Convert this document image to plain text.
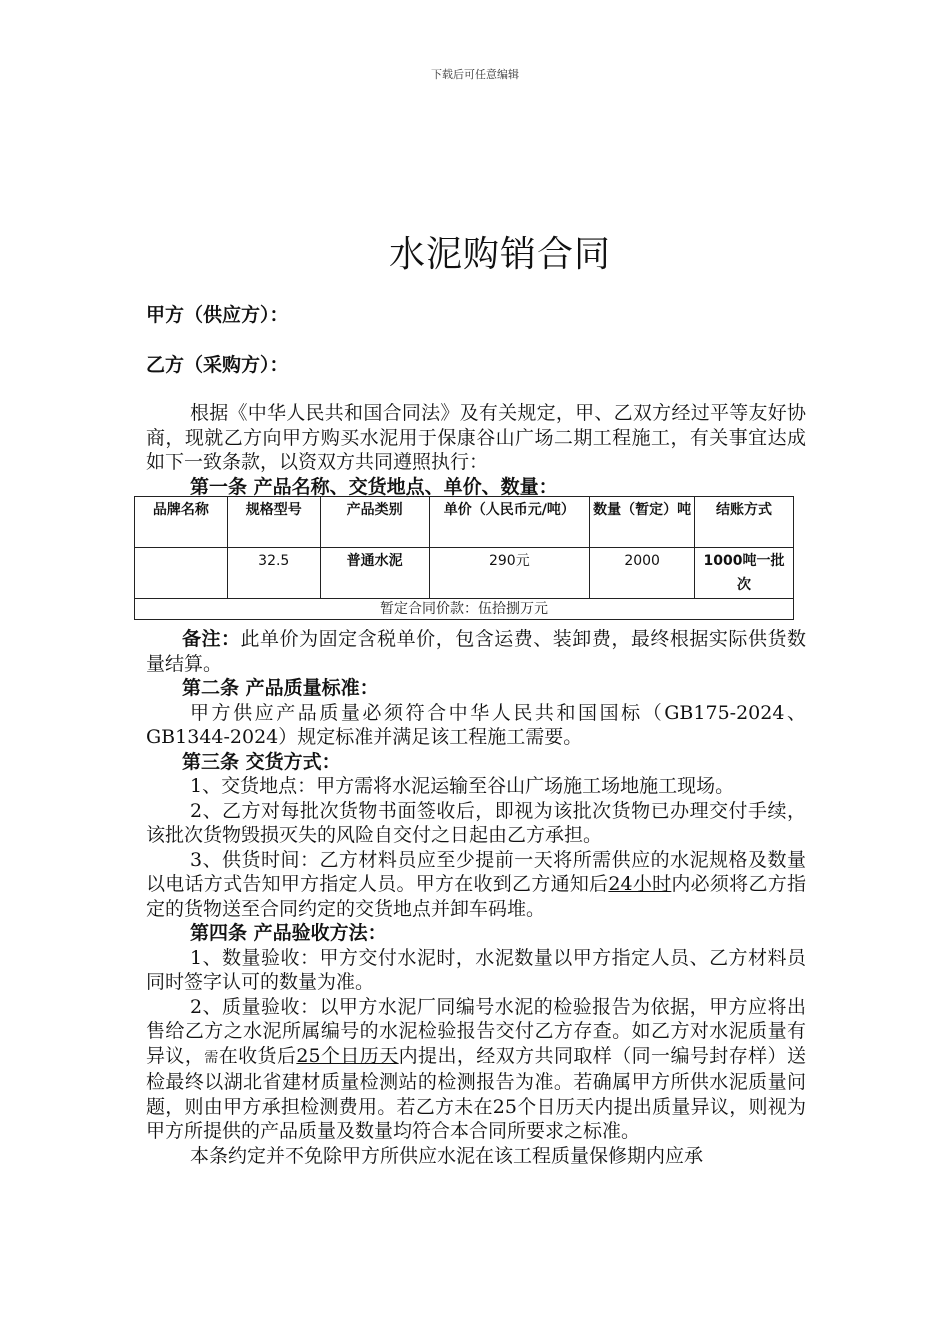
下载后可任意编辑
水泥购销合同
甲方（供应方）：
乙方（采购方）：

根据《中华人民共和国合同法》及有关规定，甲、乙双方经过平等友好协商，现就乙方向甲方购买水泥用于保康谷山广场二期工程施工，有关事宜达成如下一致条款，以资双方共同遵照执行：

第一条 产品名称、交货地点、单价、数量：

品牌名称	规格型号	产品类别	单价（人民币元/吨）	数量（暂定）吨	结账方式
	32.5	普通水泥	290元	2000	1000吨一批次
暂定合同价款：伍拾捌万元					

备注：此单价为固定含税单价，包含运费、装卸费，最终根据实际供货数量结算。

第二条 产品质量标准：

甲方供应产品质量必须符合中华人民共和国国标（GB175-2024、GB1344-2024）规定标准并满足该工程施工需要。

第三条 交货方式：

1、交货地点：甲方需将水泥运输至谷山广场施工场地施工现场。

2、乙方对每批次货物书面签收后，即视为该批次货物已办理交付手续，该批次货物毁损灭失的风险自交付之日起由乙方承担。

3、供货时间：乙方材料员应至少提前一天将所需供应的水泥规格及数量以电话方式告知甲方指定人员。甲方在收到乙方通知后24小时内必须将乙方指定的货物送至合同约定的交货地点并卸车码堆。

第四条 产品验收方法：

1、数量验收：甲方交付水泥时，水泥数量以甲方指定人员、乙方材料员同时签字认可的数量为准。

2、质量验收：以甲方水泥厂同编号水泥的检验报告为依据，甲方应将出售给乙方之水泥所属编号的水泥检验报告交付乙方存查。如乙方对水泥质量有异议，需在收货后25个日历天内提出，经双方共同取样（同一编号封存样）送检最终以湖北省建材质量检测站的检测报告为准。若确属甲方所供水泥质量问题，则由甲方承担检测费用。若乙方未在25个日历天内提出质量异议，则视为甲方所提供的产品质量及数量均符合本合同所要求之标准。

本条约定并不免除甲方所供应水泥在该工程质量保修期内应承
